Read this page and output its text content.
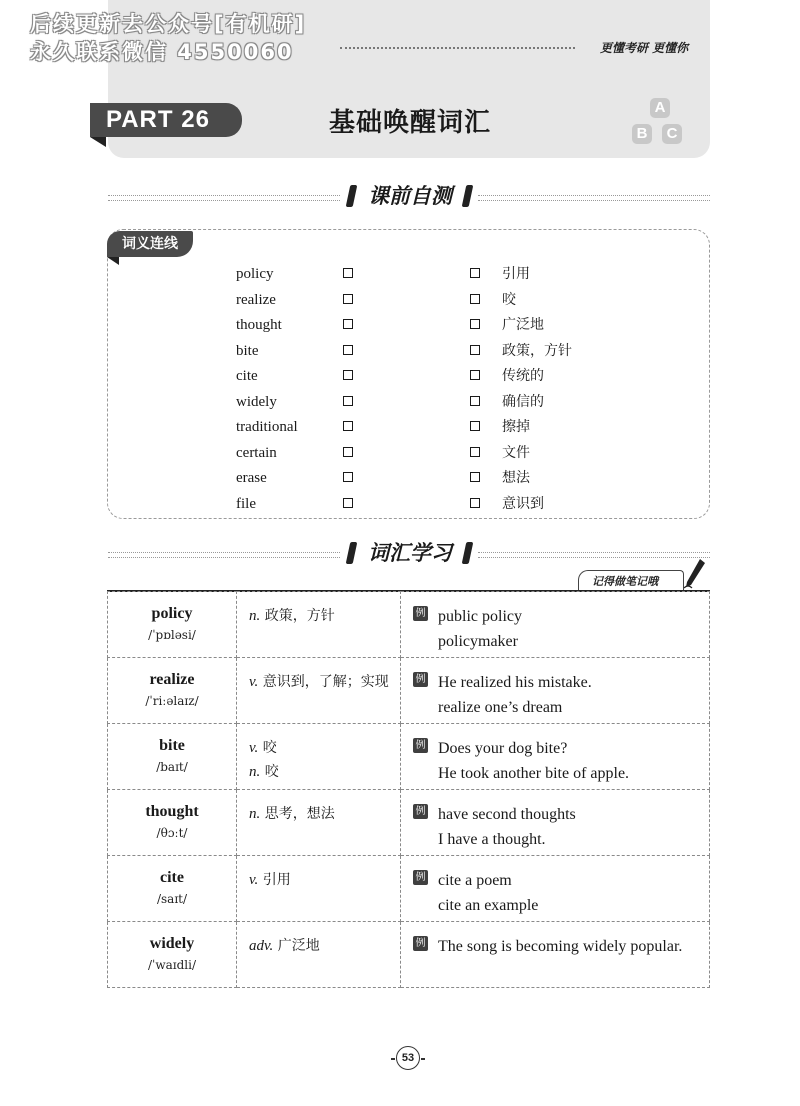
后续更新去公众号[有机研]
永久联系微信 4550060	更懂考研 更懂你
PART 26	基础唤醒词汇
A
B	C
课前自测
词义连线
policy	引用
realize	咬
thought	广泛地
bite	政策，方针
cite	传统的
widely	确信的
traditional	擦掉
certain	文件
erase	想法
file	意识到
词汇学习
记得做笔记哦
policy
/ˈpɒləsi/	n. 政策，方针	例 public policy
policymaker

realize
/ˈriːəlaɪz/	v. 意识到，了解；实现	例 He realized his mistake.
realize one’s dream

bite
/baɪt/	v. 咬
n. 咬	例 Does your dog bite?
He took another bite of apple.

thought
/θɔːt/	n. 思考，想法	例 have second thoughts
I have a thought.

cite
/saɪt/	v. 引用	例 cite a poem
cite an example

widely
/ˈwaɪdli/	adv. 广泛地	例 The song is becoming widely popular.
53
